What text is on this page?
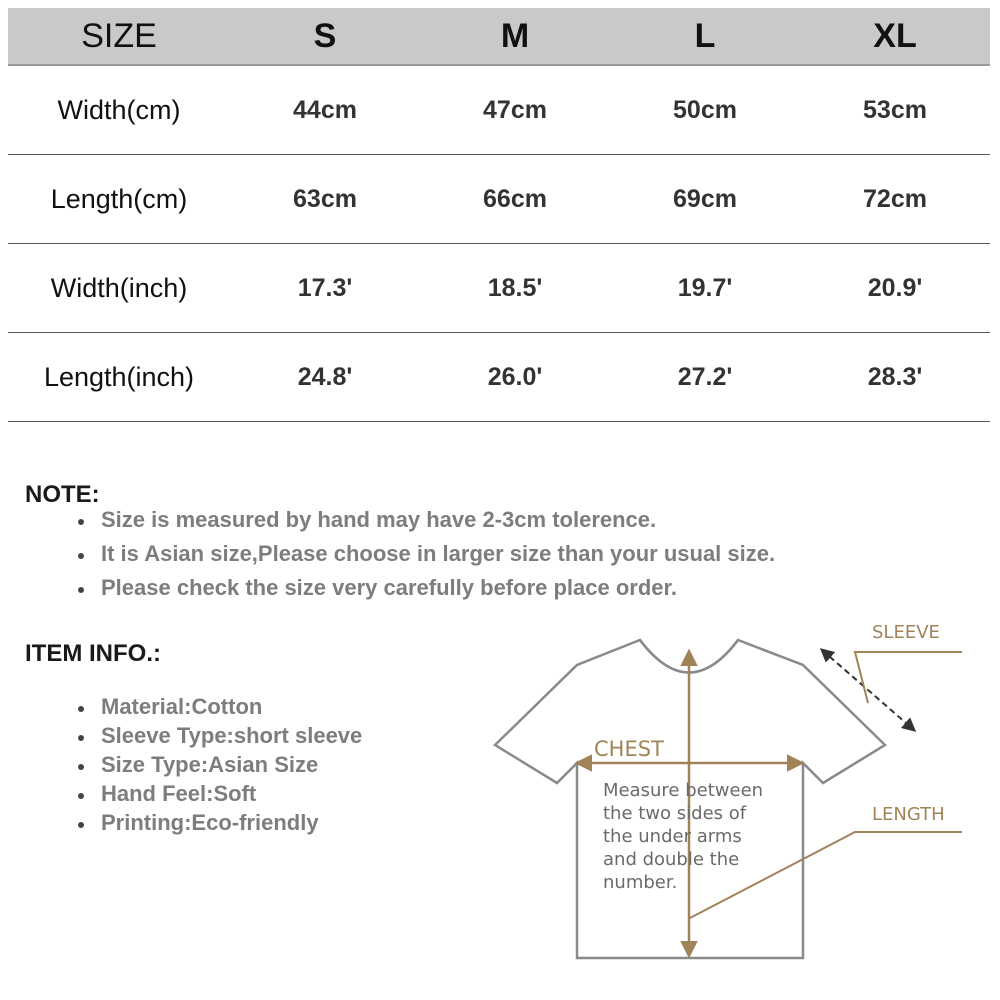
SIZE	S	M	L	XL
Width(cm)	44cm	47cm	50cm	53cm
Length(cm)	63cm	66cm	69cm	72cm
Width(inch)	17.3'	18.5'	19.7'	20.9'
Length(inch)	24.8'	26.0'	27.2'	28.3'
NOTE:
Size is measured by hand may have 2-3cm tolerence.
It is Asian size,Please choose in larger size than your usual size.
Please check the size very carefully before place order.
ITEM INFO.:
Material:Cotton
Sleeve Type:short sleeve
Size Type:Asian Size
Hand Feel:Soft
Printing:Eco-friendly
SLEEVE
CHEST
LENGTH
Measure between
the two sides of
the under arms
and double the
number.
